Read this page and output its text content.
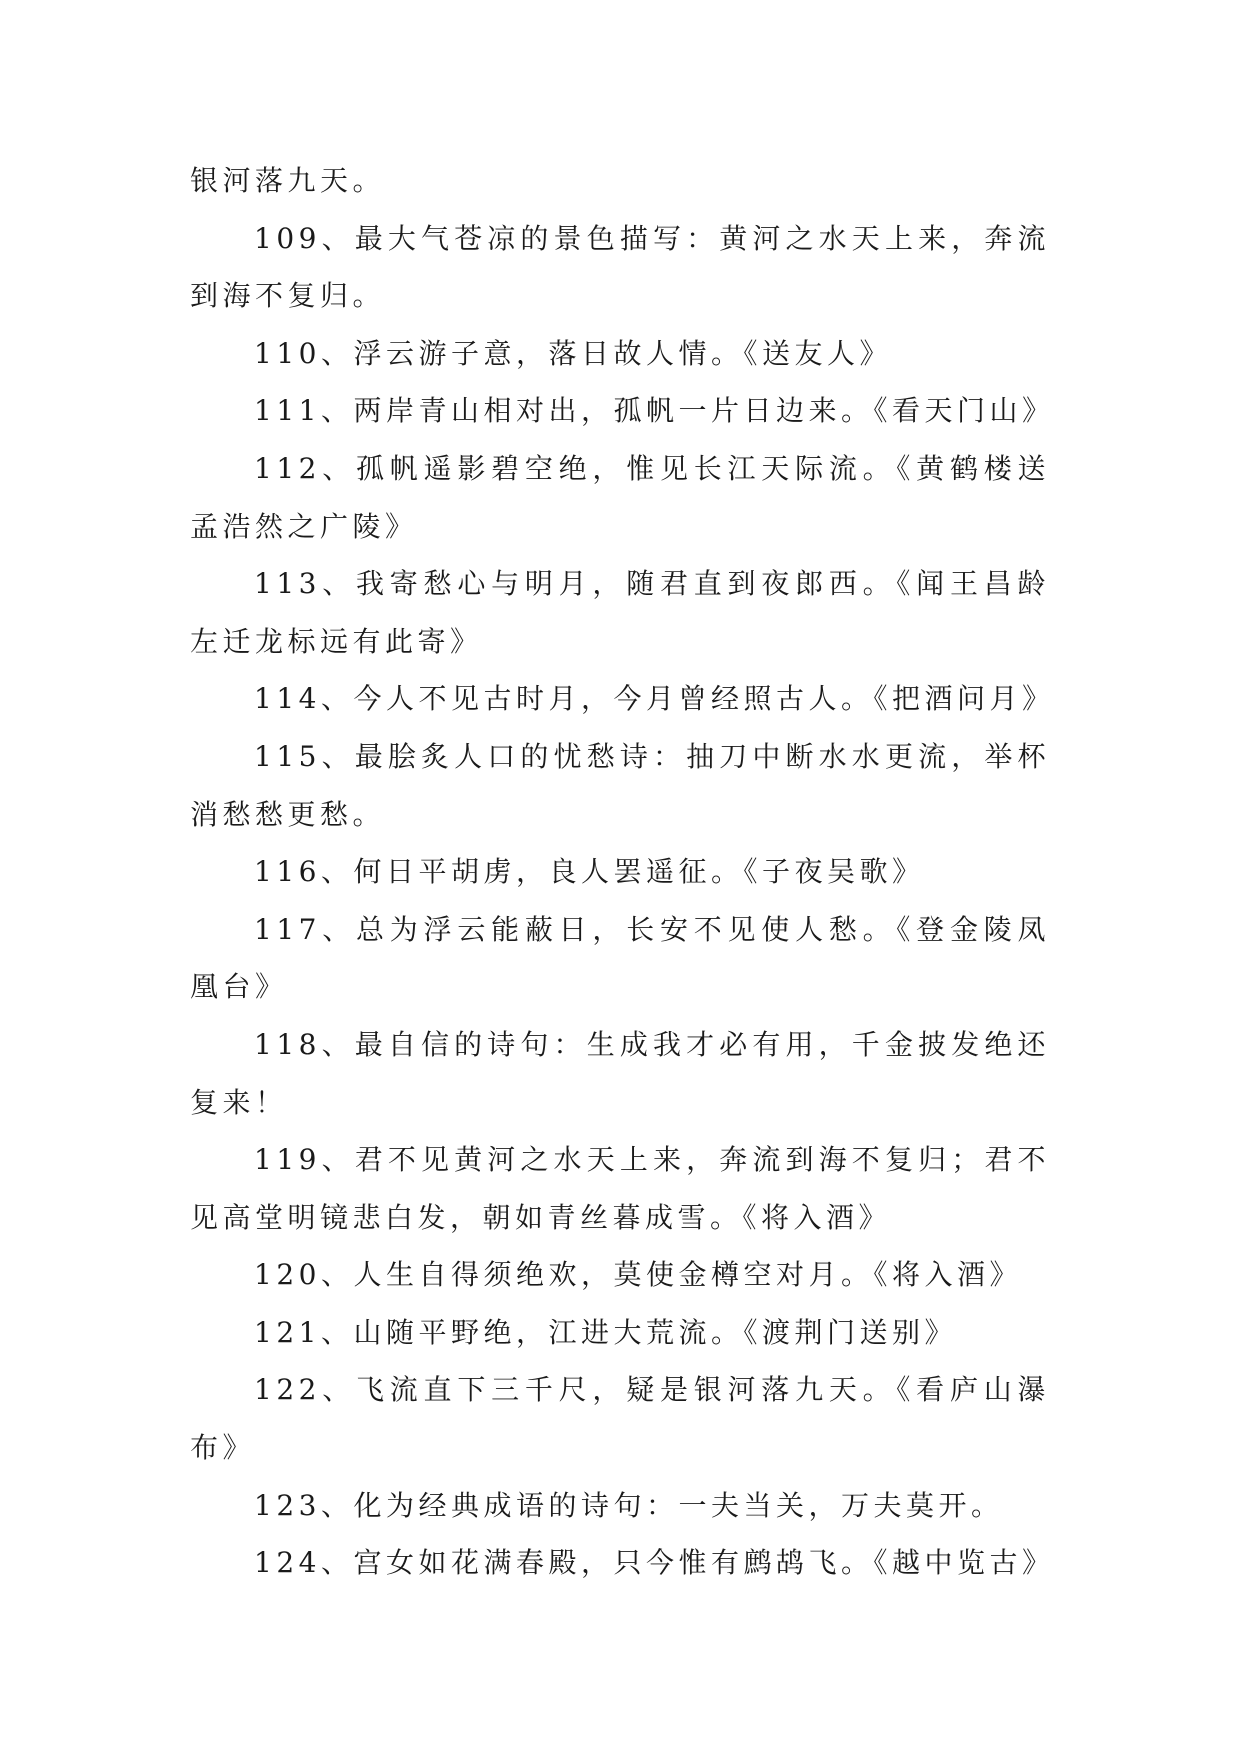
银河落九天。

109、最大气苍凉的景色描写：黄河之水天上来，奔流到海不复归。

110、浮云游子意，落日故人情。《送友人》

111、两岸青山相对出，孤帆一片日边来。《看天门山》

112、孤帆遥影碧空绝，惟见长江天际流。《黄鹤楼送孟浩然之广陵》

113、我寄愁心与明月，随君直到夜郎西。《闻王昌龄左迁龙标远有此寄》

114、今人不见古时月，今月曾经照古人。《把酒问月》

115、最脍炙人口的忧愁诗：抽刀中断水水更流，举杯消愁愁更愁。

116、何日平胡虏，良人罢遥征。《子夜吴歌》

117、总为浮云能蔽日，长安不见使人愁。《登金陵凤凰台》

118、最自信的诗句：生成我才必有用，千金披发绝还复来！

119、君不见黄河之水天上来，奔流到海不复归；君不见高堂明镜悲白发，朝如青丝暮成雪。《将入酒》

120、人生自得须绝欢，莫使金樽空对月。《将入酒》

121、山随平野绝，江进大荒流。《渡荆门送别》

122、飞流直下三千尺，疑是银河落九天。《看庐山瀑布》

123、化为经典成语的诗句：一夫当关，万夫莫开。

124、宫女如花满春殿，只今惟有鹧鸪飞。《越中览古》
